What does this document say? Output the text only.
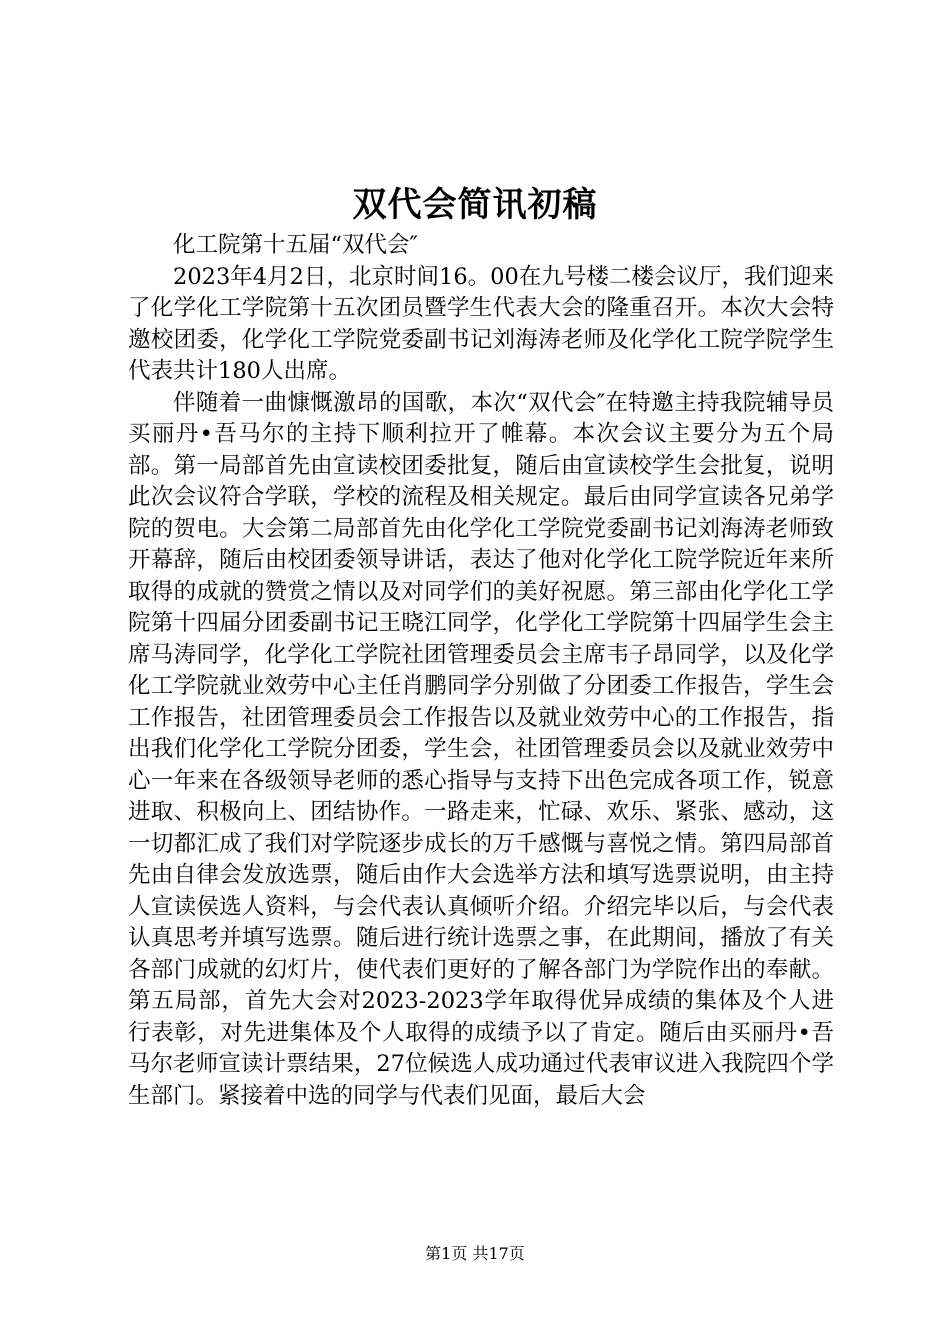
双代会简讯初稿

化工院第十五届“双代会″

2023年4月2日，北京时间16。00在九号楼二楼会议厅，我们迎来了化学化工学院第十五次团员暨学生代表大会的隆重召开。本次大会特邀校团委，化学化工学院党委副书记刘海涛老师及化学化工院学院学生代表共计180人出席。

伴随着一曲慷慨激昂的国歌，本次“双代会″在特邀主持我院辅导员买丽丹•吾马尔的主持下顺利拉开了帷幕。本次会议主要分为五个局部。第一局部首先由宣读校团委批复，随后由宣读校学生会批复，说明此次会议符合学联，学校的流程及相关规定。最后由同学宣读各兄弟学院的贺电。大会第二局部首先由化学化工学院党委副书记刘海涛老师致开幕辞，随后由校团委领导讲话，表达了他对化学化工院学院近年来所取得的成就的赞赏之情以及对同学们的美好祝愿。第三部由化学化工学院第十四届分团委副书记王晓江同学，化学化工学院第十四届学生会主席马涛同学，化学化工学院社团管理委员会主席韦子昂同学，以及化学化工学院就业效劳中心主任肖鹏同学分别做了分团委工作报告，学生会工作报告，社团管理委员会工作报告以及就业效劳中心的工作报告，指出我们化学化工学院分团委，学生会，社团管理委员会以及就业效劳中心一年来在各级领导老师的悉心指导与支持下出色完成各项工作，锐意进取、积极向上、团结协作。一路走来，忙碌、欢乐、紧张、感动，这一切都汇成了我们对学院逐步成长的万千感慨与喜悦之情。第四局部首先由自律会发放选票，随后由作大会选举方法和填写选票说明，由主持人宣读侯选人资料，与会代表认真倾听介绍。介绍完毕以后，与会代表认真思考并填写选票。随后进行统计选票之事，在此期间，播放了有关各部门成就的幻灯片，使代表们更好的了解各部门为学院作出的奉献。第五局部，首先大会对2023-2023学年取得优异成绩的集体及个人进行表彰，对先进集体及个人取得的成绩予以了肯定。随后由买丽丹•吾马尔老师宣读计票结果，27位候选人成功通过代表审议进入我院四个学生部门。紧接着中选的同学与代表们见面，最后大会

第1页 共17页
